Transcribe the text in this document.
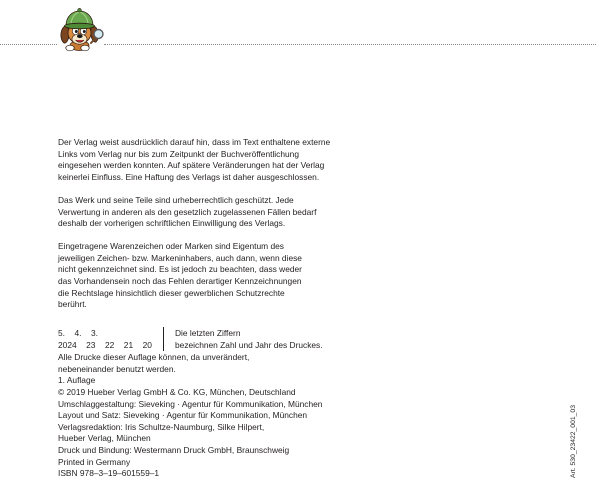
Der Verlag weist ausdrücklich darauf hin, dass im Text enthaltene externe
Links vom Verlag nur bis zum Zeitpunkt der Buchveröffentlichung
eingesehen werden konnten. Auf spätere Veränderungen hat der Verlag
keinerlei Einfluss. Eine Haftung des Verlags ist daher ausgeschlossen.
Das Werk und seine Teile sind urheberrechtlich geschützt. Jede
Verwertung in anderen als den gesetzlich zugelassenen Fällen bedarf
deshalb der vorherigen schriftlichen Einwilligung des Verlags.
Eingetragene Warenzeichen oder Marken sind Eigentum des
jeweiligen Zeichen- bzw. Markeninhabers, auch dann, wenn diese
nicht gekennzeichnet sind. Es ist jedoch zu beachten, dass weder
das Vorhandensein noch das Fehlen derartiger Kennzeichnungen
die Rechtslage hinsichtlich dieser gewerblichen Schutzrechte
berührt.
5. 4. 3.
2024 23 22 21 20
Die letzten Ziffern
bezeichnen Zahl und Jahr des Druckes.
Alle Drucke dieser Auflage können, da unverändert,
nebeneinander benutzt werden.
1. Auflage
© 2019 Hueber Verlag GmbH & Co. KG, München, Deutschland
Umschlaggestaltung: Sieveking · Agentur für Kommunikation, München
Layout und Satz: Sieveking · Agentur für Kommunikation, München
Verlagsredaktion: Iris Schultze-Naumburg, Silke Hilpert,
Hueber Verlag, München
Druck und Bindung: Westermann Druck GmbH, Braunschweig
Printed in Germany
ISBN 978–3–19–601559–1	Art. 530_23422_001_03
